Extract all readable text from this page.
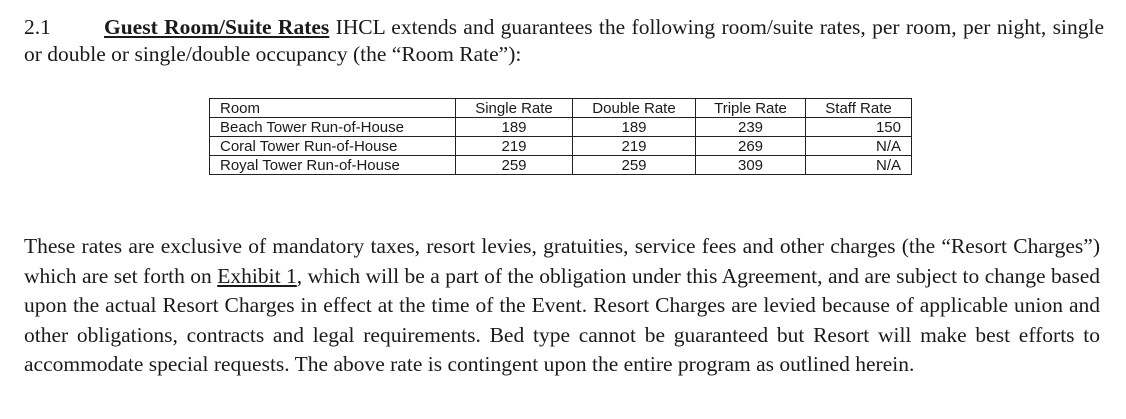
2.1 Guest Room/Suite Rates IHCL extends and guarantees the following room/suite rates, per room, per night, single or double or single/double occupancy (the “Room Rate”):

Room	Single Rate	Double Rate	Triple Rate	Staff Rate
Beach Tower Run-of-House	189	189	239	150
Coral Tower Run-of-House	219	219	269	N/A
Royal Tower Run-of-House	259	259	309	N/A

These rates are exclusive of mandatory taxes, resort levies, gratuities, service fees and other charges (the “Resort Charges”) which are set forth on Exhibit 1, which will be a part of the obligation under this Agreement, and are subject to change based upon the actual Resort Charges in effect at the time of the Event. Resort Charges are levied because of applicable union and other obligations, contracts and legal requirements. Bed type cannot be guaranteed but Resort will make best efforts to accommodate special requests. The above rate is contingent upon the entire program as outlined herein.
